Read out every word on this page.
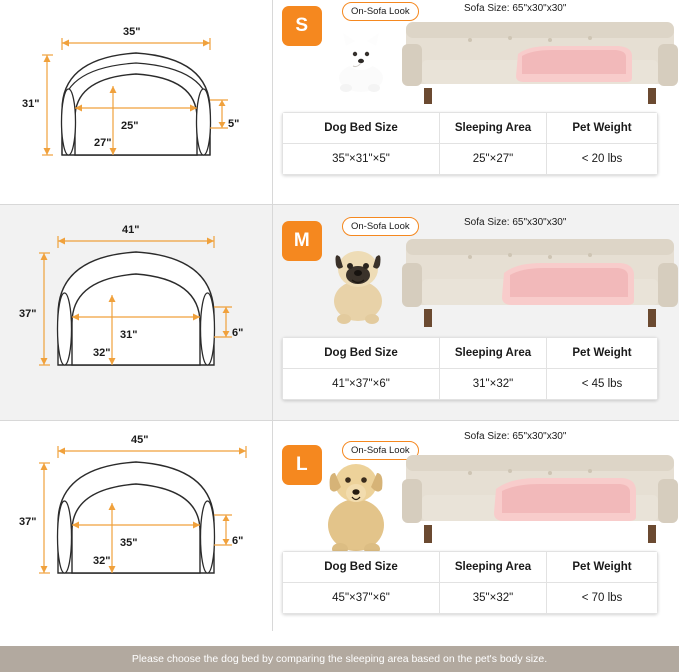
35"
31"
25"
27"
5"
S
On-Sofa Look	Sofa Size: 65"x30"x30"
Dog Bed Size	Sleeping Area	Pet Weight
35"×31"×5"	25"×27"	< 20 lbs
41"
37"
31"
32"
6"
M
On-Sofa Look	Sofa Size: 65"x30"x30"
Dog Bed Size	Sleeping Area	Pet Weight
41"×37"×6"	31"×32"	< 45 lbs
45"
37"
35"
32"
6"
L
On-Sofa Look
Sofa Size: 65"x30"x30"
Dog Bed Size	Sleeping Area	Pet Weight
45"×37"×6"	35"×32"	< 70 lbs
Please choose the dog bed by comparing the sleeping area based on the pet's body size.
